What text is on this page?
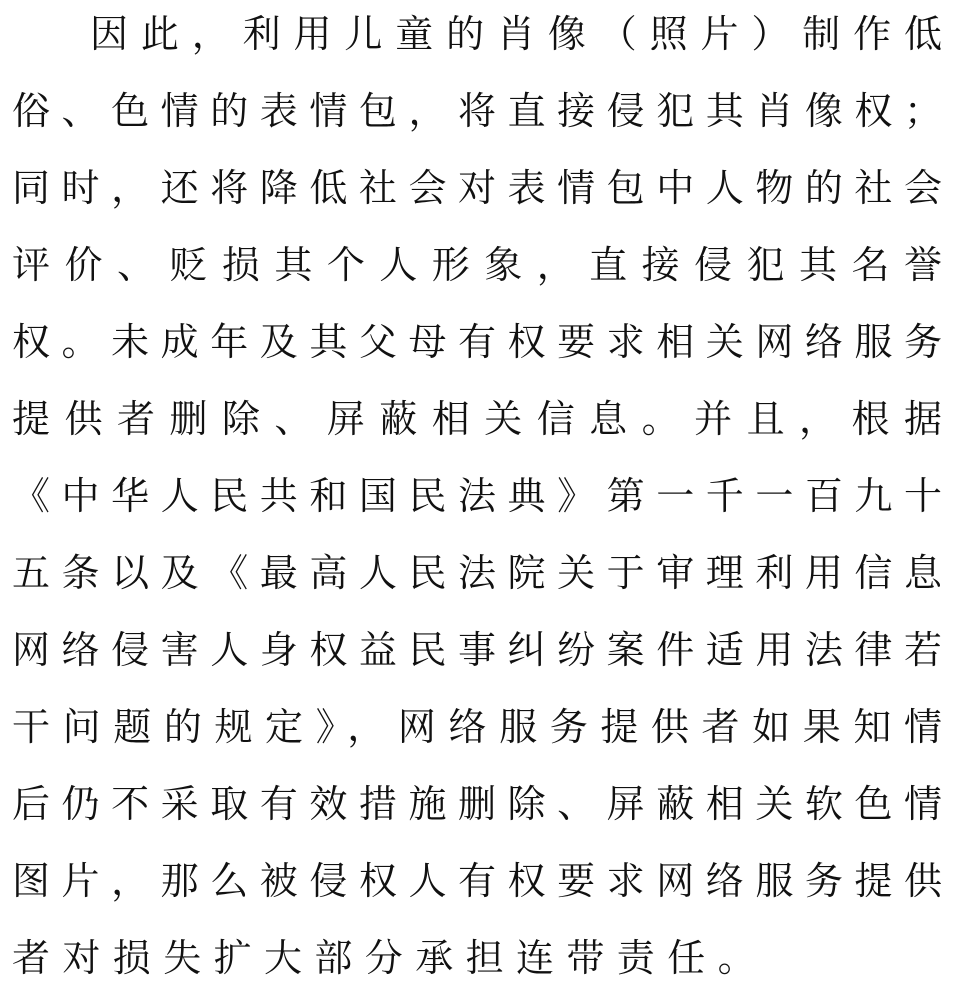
因此，利用儿童的肖像（照片）制作低
俗、色情的表情包，将直接侵犯其肖像权；
同时，还将降低社会对表情包中人物的社会
评价、贬损其个人形象，直接侵犯其名誉
权。未成年及其父母有权要求相关网络服务
提供者删除、屏蔽相关信息。并且，根据
《中华人民共和国民法典》第一千一百九十
五条以及《最高人民法院关于审理利用信息
网络侵害人身权益民事纠纷案件适用法律若
干问题的规定》，网络服务提供者如果知情
后仍不采取有效措施删除、屏蔽相关软色情
图片，那么被侵权人有权要求网络服务提供
者对损失扩大部分承担连带责任。
